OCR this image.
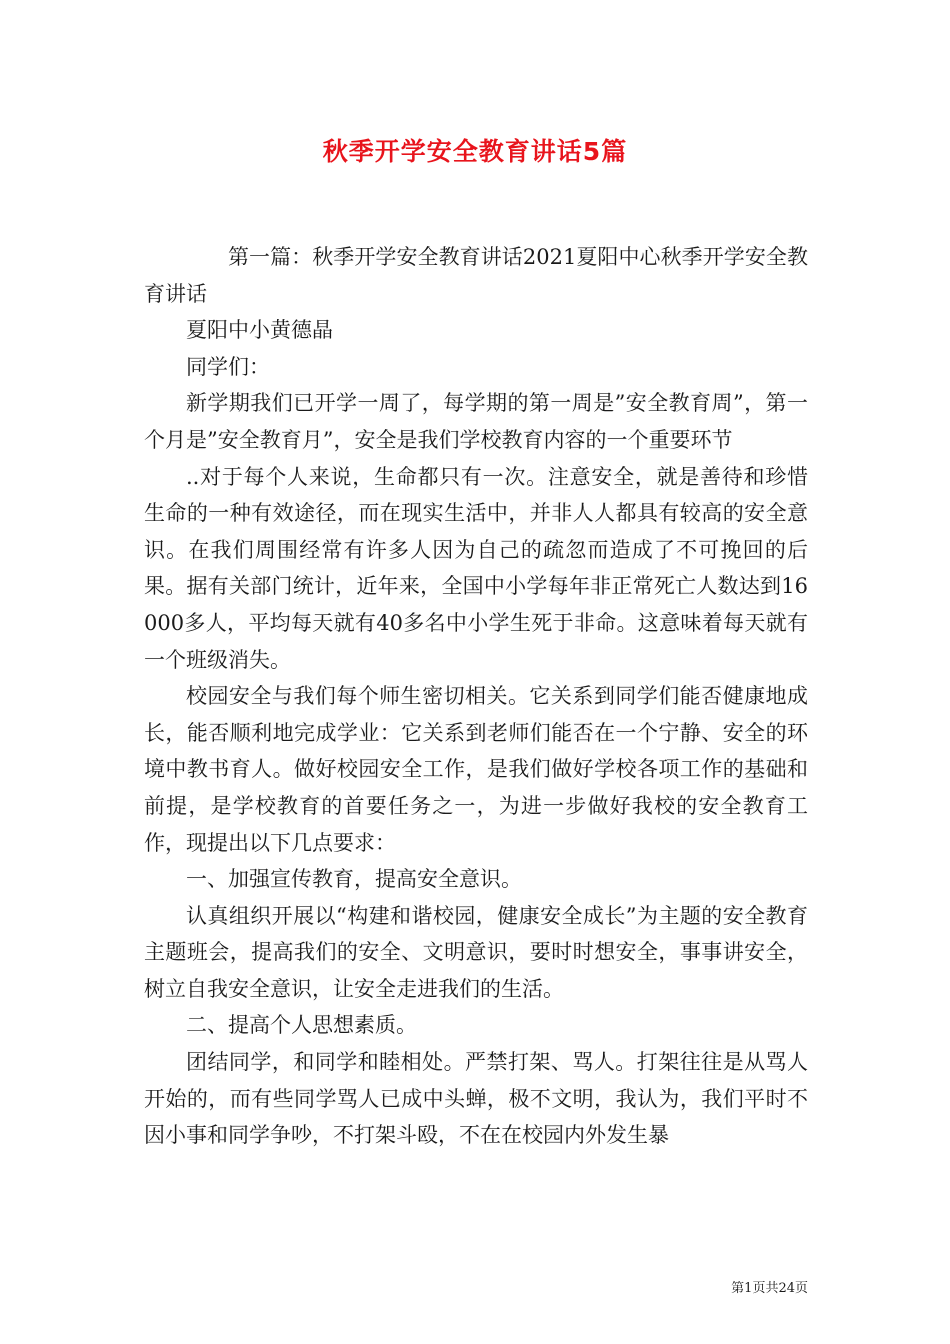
秋季开学安全教育讲话5篇

第一篇：秋季开学安全教育讲话2021夏阳中心秋季开学安全教育讲话

夏阳中小黄德晶

同学们：

新学期我们已开学一周了，每学期的第一周是”安全教育周”，第一个月是”安全教育月”，安全是我们学校教育内容的一个重要环节

..对于每个人来说，生命都只有一次。注意安全，就是善待和珍惜生命的一种有效途径，而在现实生活中，并非人人都具有较高的安全意识。在我们周围经常有许多人因为自己的疏忽而造成了不可挽回的后果。据有关部门统计，近年来，全国中小学每年非正常死亡人数达到16000多人，平均每天就有40多名中小学生死于非命。这意味着每天就有一个班级消失。

校园安全与我们每个师生密切相关。它关系到同学们能否健康地成长，能否顺利地完成学业：它关系到老师们能否在一个宁静、安全的环境中教书育人。做好校园安全工作，是我们做好学校各项工作的基础和前提，是学校教育的首要任务之一，为进一步做好我校的安全教育工作，现提出以下几点要求：

一、加强宣传教育，提高安全意识。

认真组织开展以“构建和谐校园，健康安全成长”为主题的安全教育主题班会，提高我们的安全、文明意识，要时时想安全，事事讲安全，树立自我安全意识，让安全走进我们的生活。

二、提高个人思想素质。

团结同学，和同学和睦相处。严禁打架、骂人。打架往往是从骂人开始的，而有些同学骂人已成中头蝉，极不文明，我认为，我们平时不因小事和同学争吵，不打架斗殴，不在在校园内外发生暴

第1页共24页
